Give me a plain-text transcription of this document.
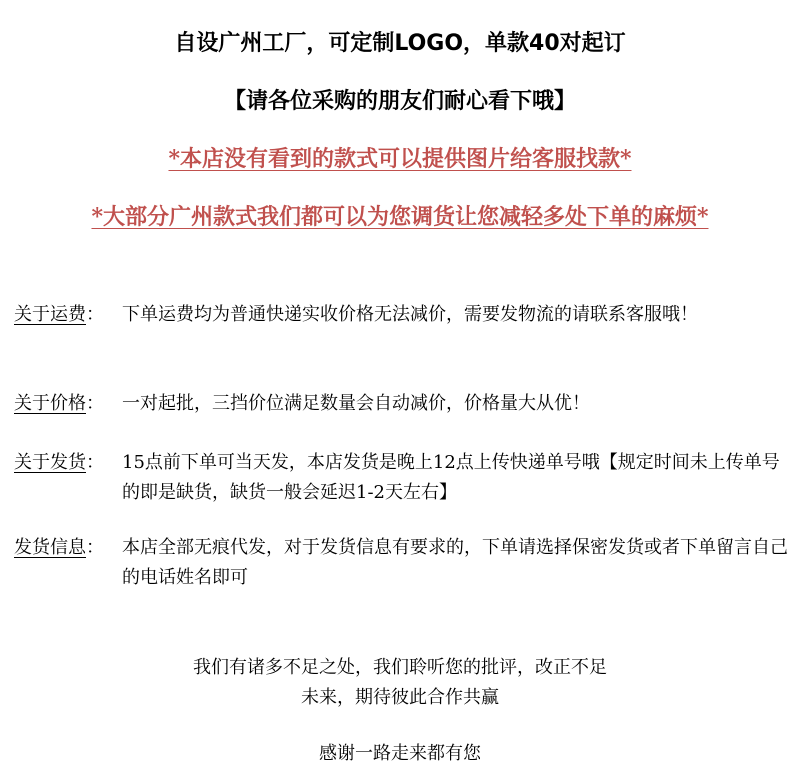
自设广州工厂，可定制LOGO，单款40对起订
【请各位采购的朋友们耐心看下哦】
*本店没有看到的款式可以提供图片给客服找款*
*大部分广州款式我们都可以为您调货让您减轻多处下单的麻烦*
关于运费： 下单运费均为普通快递实收价格无法减价，需要发物流的请联系客服哦！
关于价格： 一对起批，三挡价位满足数量会自动减价，价格量大从优！
关于发货： 15点前下单可当天发，本店发货是晚上12点上传快递单号哦【规定时间未上传单号的即是缺货，缺货一般会延迟1-2天左右】
发货信息： 本店全部无痕代发，对于发货信息有要求的，下单请选择保密发货或者下单留言自己的电话姓名即可
我们有诸多不足之处，我们聆听您的批评，改正不足
未来，期待彼此合作共赢
感谢一路走来都有您
